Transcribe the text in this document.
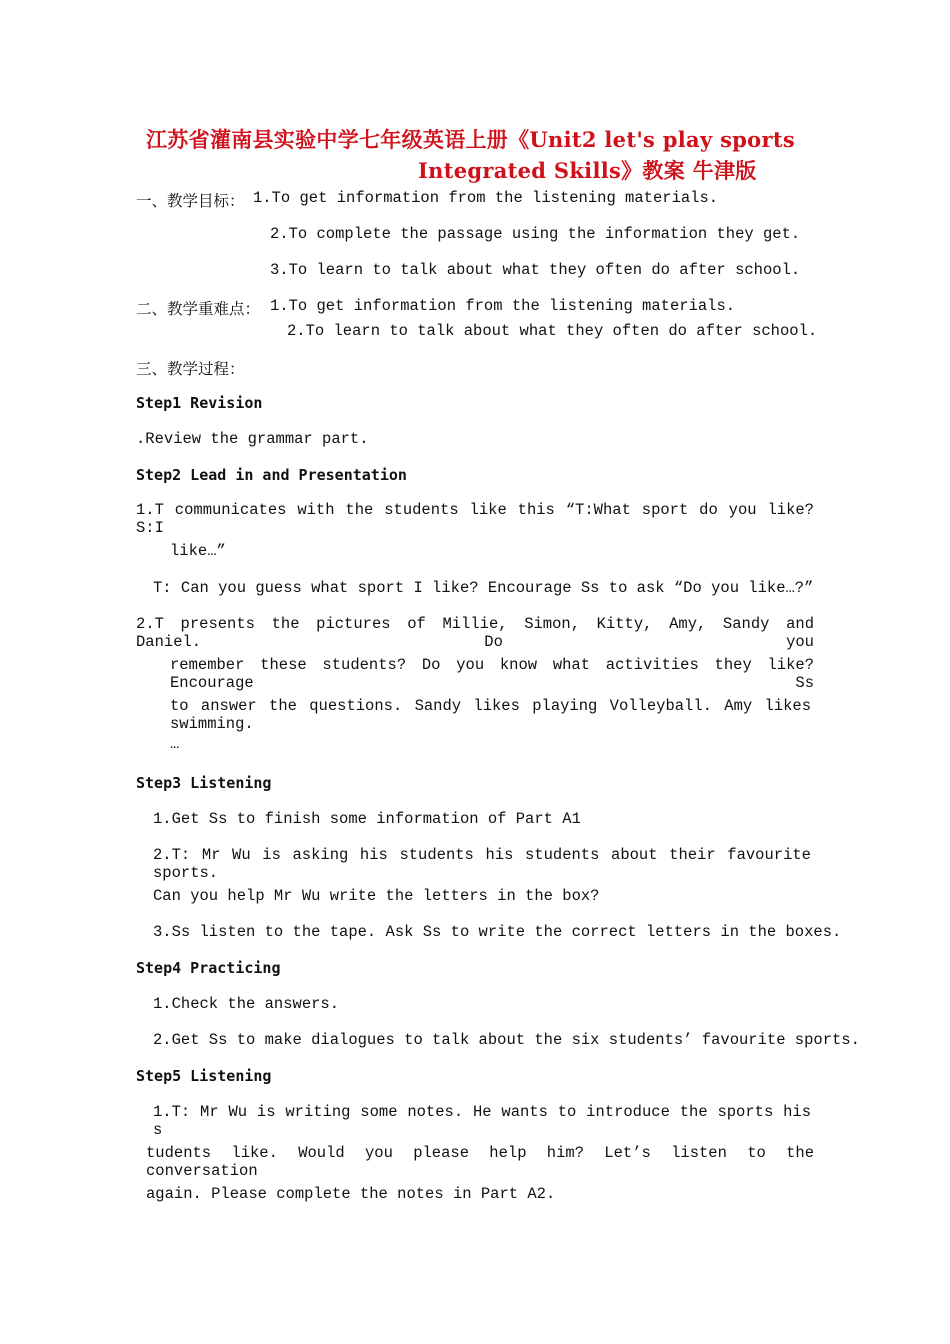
江苏省灌南县实验中学七年级英语上册《Unit2 let's play sports
Integrated Skills》教案 牛津版
一、教学目标： 1.To get information from the listening materials.
2.To complete the passage using the information they get.
3.To learn to talk about what they often do after school.
二、教学重难点： 1.To get information from the listening materials.
2.To learn to talk about what they often do after school.
三、教学过程：
Step1 Revision
.Review the grammar part.
Step2 Lead in and Presentation
1.T communicates with the students like this “T:What sport do you like? S:I
like…”
T: Can you guess what sport I like? Encourage Ss to ask “Do you like…?”
2.T presents the pictures of Millie, Simon, Kitty, Amy, Sandy and Daniel. Do you
remember these students? Do you know what activities they like? Encourage Ss
to answer the questions. Sandy likes playing Volleyball. Amy likes swimming.
…
Step3 Listening
1.Get Ss to finish some information of Part A1
2.T: Mr Wu is asking his students his students about their favourite sports.
Can you help Mr Wu write the letters in the box?
3.Ss listen to the tape. Ask Ss to write the correct letters in the boxes.
Step4 Practicing
1.Check the answers.
2.Get Ss to make dialogues to talk about the six students’ favourite sports.
Step5 Listening
1.T: Mr Wu is writing some notes. He wants to introduce the sports his s
tudents like. Would you please help him? Let’s listen to the conversation
again. Please complete the notes in Part A2.
